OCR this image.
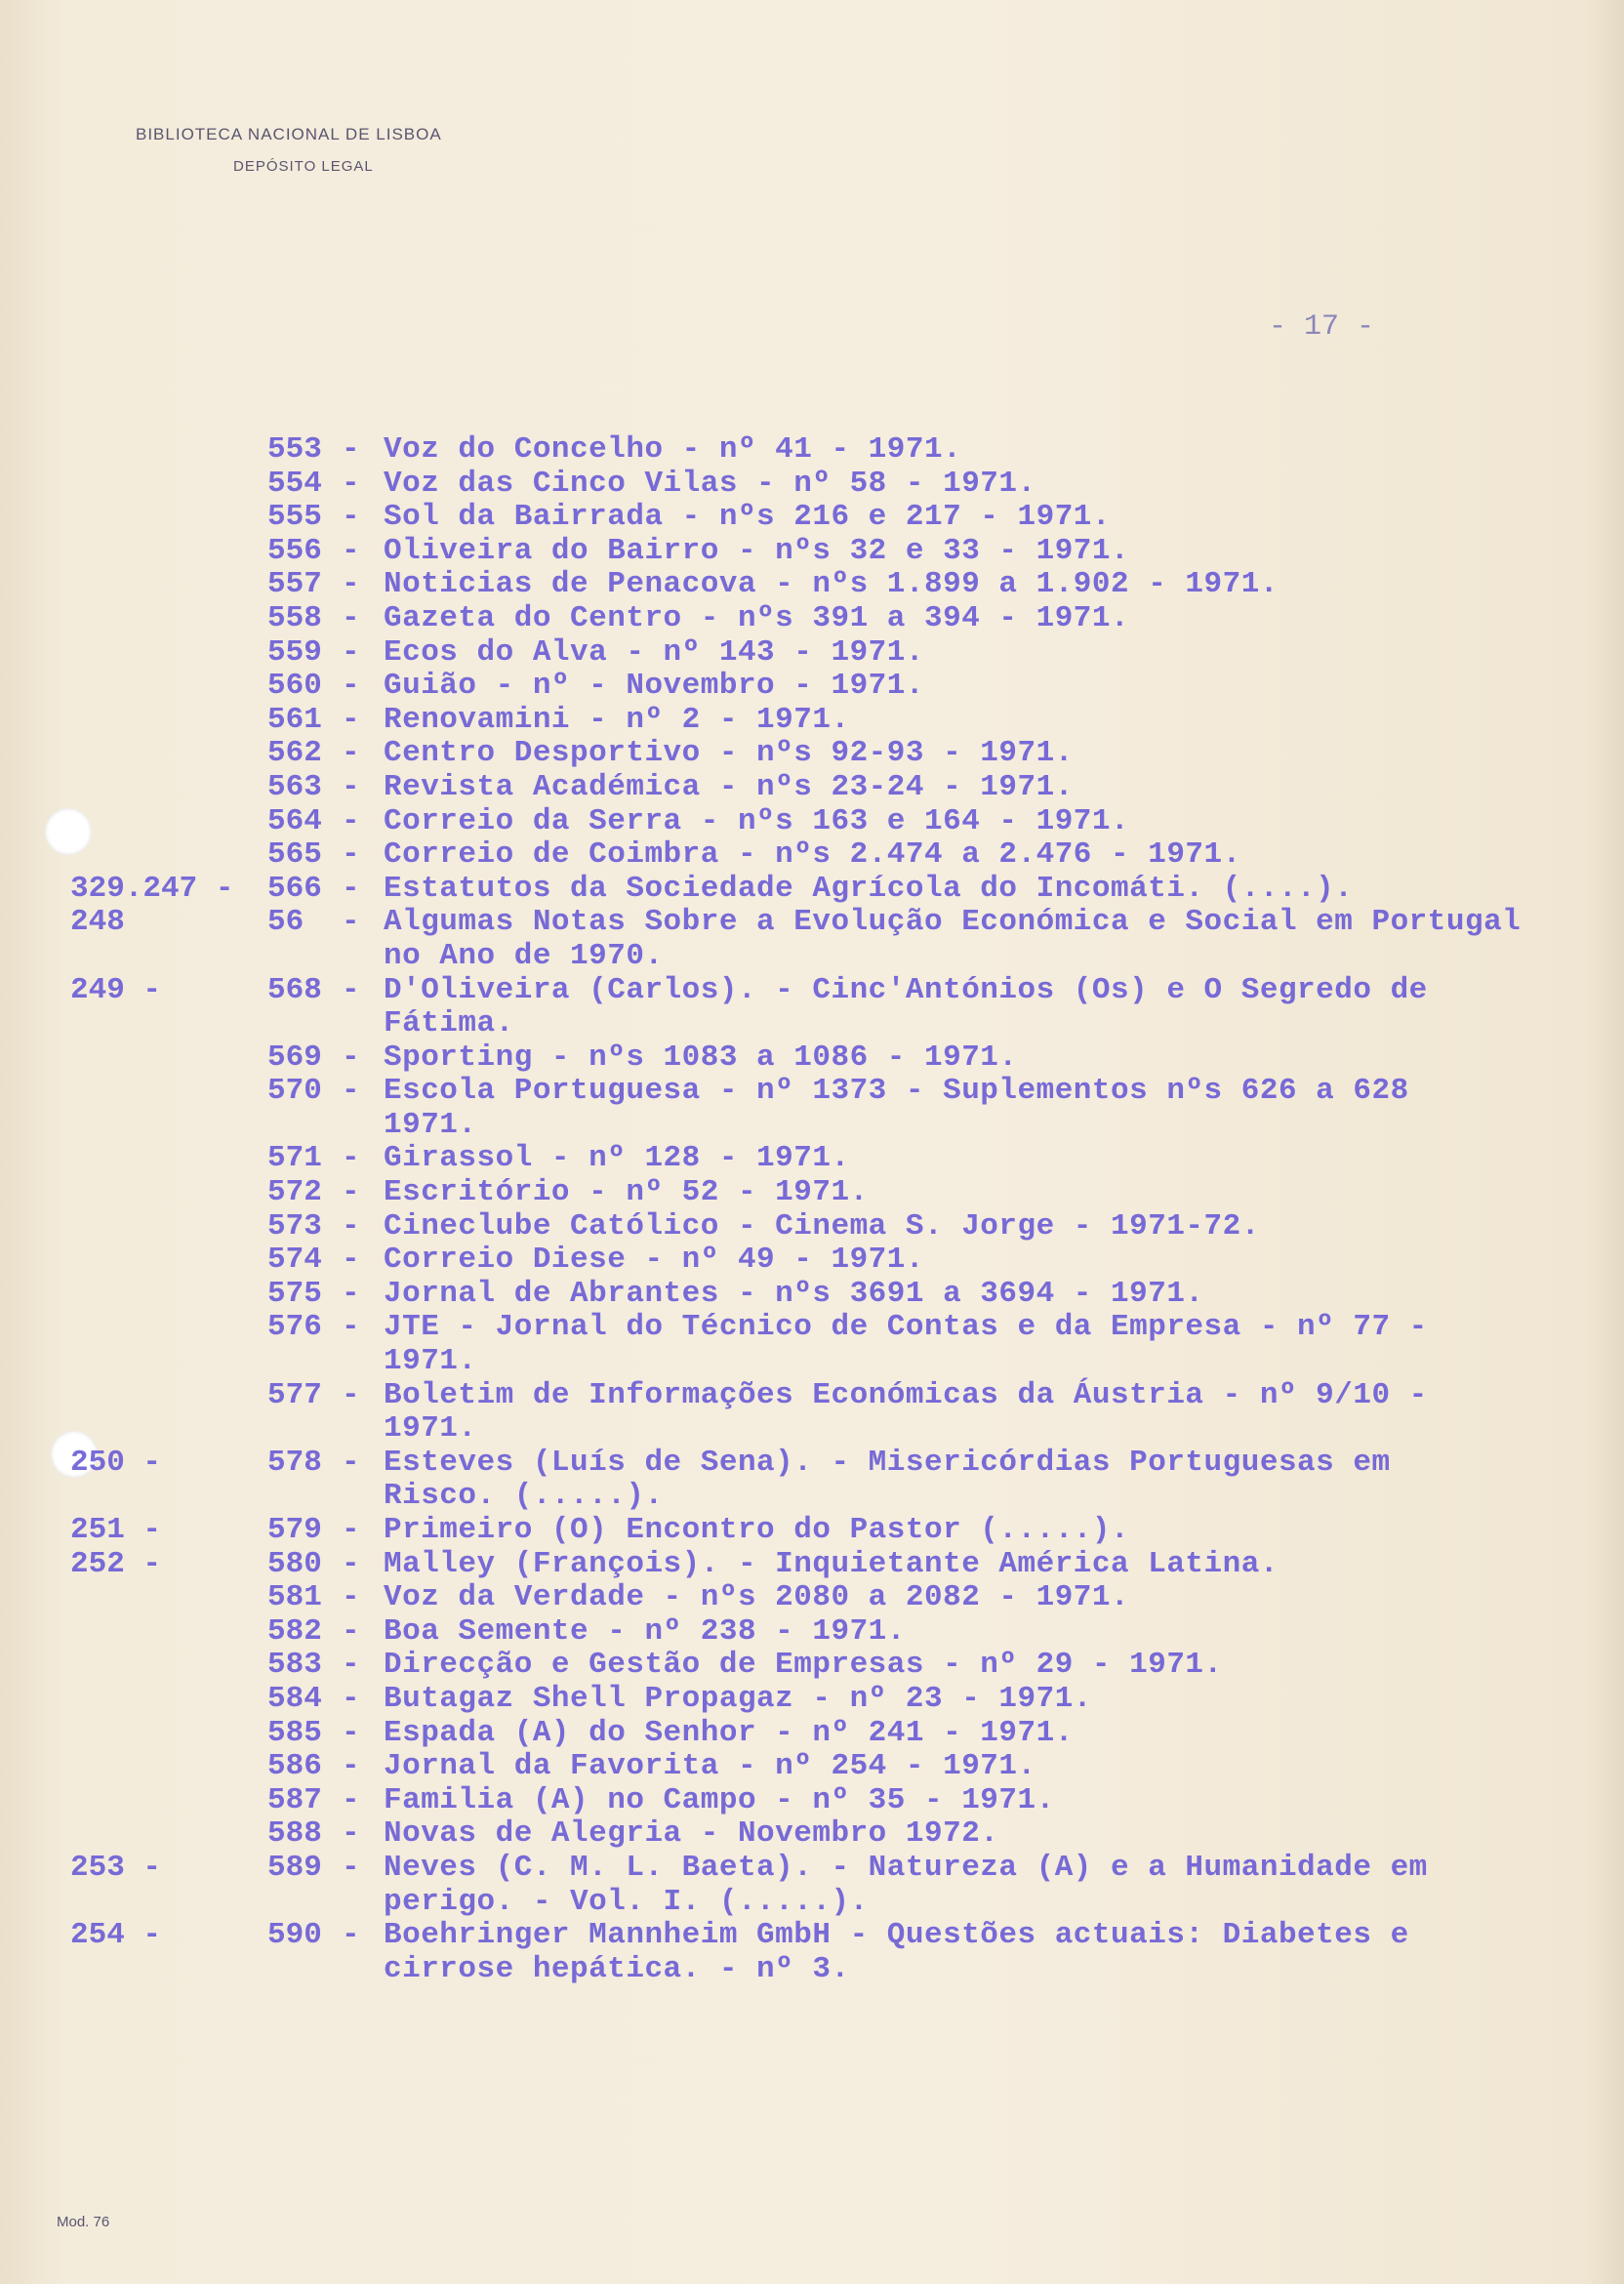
BIBLIOTECA NACIONAL DE LISBOA
DEPÓSITO LEGAL
- 17 -
553 - Voz do Concelho - nº 41 - 1971.
554 - Voz das Cinco Vilas - nº 58 - 1971.
555 - Sol da Bairrada - nºs 216 e 217 - 1971.
556 - Oliveira do Bairro - nºs 32 e 33 - 1971.
557 - Noticias de Penacova - nºs 1.899 a 1.902 - 1971.
558 - Gazeta do Centro - nºs 391 a 394 - 1971.
559 - Ecos do Alva - nº 143 - 1971.
560 - Guião - nº - Novembro - 1971.
561 - Renovamini - nº 2 - 1971.
562 - Centro Desportivo - nºs 92-93 - 1971.
563 - Revista Académica - nºs 23-24 - 1971.
564 - Correio da Serra - nºs 163 e 164 - 1971.
565 - Correio de Coimbra - nºs 2.474 a 2.476 - 1971.
329.247 -	566 - Estatutos da Sociedade Agrícola do Incomáti. (....).
248	56 - Algumas Notas Sobre a Evolução Económica e Social em Portugal
no Ano de 1970.
249 -	568 - D'Oliveira (Carlos). - Cinc'Antónios (Os) e O Segredo de
Fátima.
569 - Sporting - nºs 1083 a 1086 - 1971.
570 - Escola Portuguesa - nº 1373 - Suplementos nºs 626 a 628
1971.
571 - Girassol - nº 128 - 1971.
572 - Escritório - nº 52 - 1971.
573 - Cineclube Católico - Cinema S. Jorge - 1971-72.
574 - Correio Diese - nº 49 - 1971.
575 - Jornal de Abrantes - nºs 3691 a 3694 - 1971.
576 - JTE - Jornal do Técnico de Contas e da Empresa - nº 77 -
1971.
577 - Boletim de Informações Económicas da Áustria - nº 9/10 -
1971.
250 -	578 - Esteves (Luís de Sena). - Misericórdias Portuguesas em
Risco. (.....).
251 -	579 - Primeiro (O) Encontro do Pastor (.....).
252 -	580 - Malley (François). - Inquietante América Latina.
581 - Voz da Verdade - nºs 2080 a 2082 - 1971.
582 - Boa Semente - nº 238 - 1971.
583 - Direcção e Gestão de Empresas - nº 29 - 1971.
584 - Butagaz Shell Propagaz - nº 23 - 1971.
585 - Espada (A) do Senhor - nº 241 - 1971.
586 - Jornal da Favorita - nº 254 - 1971.
587 - Familia (A) no Campo - nº 35 - 1971.
588 - Novas de Alegria - Novembro 1972.
253 -	589 - Neves (C. M. L. Baeta). - Natureza (A) e a Humanidade em
perigo. - Vol. I. (.....).
254 -	590 - Boehringer Mannheim GmbH - Questões actuais: Diabetes e
cirrose hepática. - nº 3.
Mod. 76
